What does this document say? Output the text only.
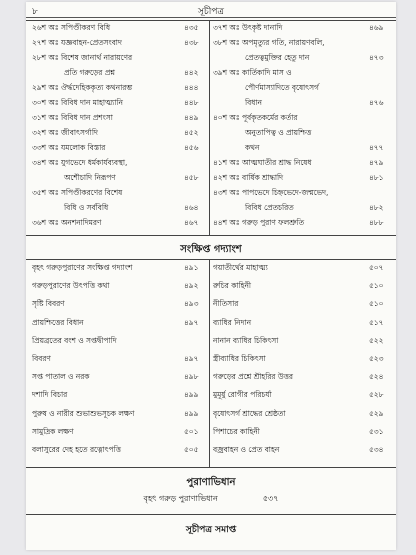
৮	সূচীপত্র
২৬শ অঃ সপিণ্ডীকরণ বিধি	৪৩৫
২৭শ অঃ যজ্ঞবাহন-প্রেতসংবাদ	৪৩৮
২৮শ অঃ বিশেষ জানার্থ নারায়ণের
প্রতি গরুড়ের প্রশ্ন	৪৪২
২৯শ অঃ ঔর্দ্ধদেহিককৃত্য কথনারম্ভ	৪৪৪
৩০শ অঃ বিবিধ দান মাহাত্ম্যানি	৪৪৮
৩১শ অঃ বিবিধ দান প্রশংসা	৪৪৯
৩২শ অঃ জীবাৎসর্গাদি	৪৫২
৩৩শ অঃ যমলোক বিস্তার	৪৫৬
৩৪শ অঃ যুগভেদে ধর্মকার্যব্যবস্থা,
অশৌচাদি নিরূপণ	৪৫৮
৩৫শ অঃ সপিণ্ডীকরণের বিশেষ
বিধি ও সর্ববিধি	৪৬৪
৩৬শ অঃ অনশনাদিমরণ	৪৬৭
৩৭শ অঃ উৎকৃষ্ট দানাদি	৪৬৯
৩৮শ অঃ অপমৃত্যুর গতি, নারায়ণবলি,
প্রেতত্বমুক্তির হেতু দান	৪৭৩
৩৯শ অঃ কার্তিকাদি মাস ও
পৌর্ণমাস্যাদিতে বৃষোৎসর্গ
বিধান	৪৭৬
৪০শ অঃ পূর্বকৃতকর্মের কর্তার
অনুতাপিত্ব ও প্রায়শ্চিত্ত
কথন	৪৭৭
৪১শ অঃ আত্মঘাতীর শ্রাদ্ধ নিষেধ	৪৭৯
৪২শ অঃ বার্ষিক শ্রাদ্ধাদি	৪৮১
৪৩শ অঃ পাপভেদে চিহ্নভেদে-জন্মভেদ,
বিবিধ প্রেতচরিত	৪৮২
৪৪শ অঃ গরুড় পুরাণ ফলশ্রুতি	৪৮৮
সংক্ষিপ্ত গদ্যাংশ
বৃহৎ গরুড়পুরাণের সংক্ষিপ্ত গদ্যাংশ	৪৯১
গরুড়পুরাণের উৎপত্তি কথা	৪৯২
সৃষ্টি বিবরণ	৪৯৩
প্রায়শ্চিত্তের বিধান	৪৯৭
প্রিয়ব্রতের বংশ ও সপ্তদ্বীপাদি
বিবরণ	৪৯৭
সপ্ত পাতাল ও নরক	৪৯৮
দশাদি বিচার	৪৯৯
পুরুষ ও নারীর শুভাশুভসূচক লক্ষণ	৪৯৯
সামুদ্রিক লক্ষণ	৫০১
বলাসুরের দেহ হতে রত্নোৎপত্তি	৫০৫
গয়াতীর্থের মাহাত্ম্য	৫০৭
রুচির কাহিনী	৫১০
নীতিসার	৫১০
ব্যাধির নিদান	৫১৭
নানান ব্যাধির চিকিৎসা	৫২২
স্ত্রীব্যাধির চিকিৎসা	৫২৩
গরুড়ের প্রশ্নে শ্রীহরির উত্তর	৫২৪
মুমূর্ষু রোগীর পরিচর্যা	৫২৮
বৃষোৎসর্গ শ্রাদ্ধের শ্রেষ্ঠতা	৫২৯
পিশাচের কাহিনী	৫৩১
বজ্রবাহন ও প্রেত বাহন	৫৩৪
পুরাণাভিধান
বৃহৎ গরুড় পুরাণাভিধান	৫৩৭
সূচীপত্র সমাপ্ত
